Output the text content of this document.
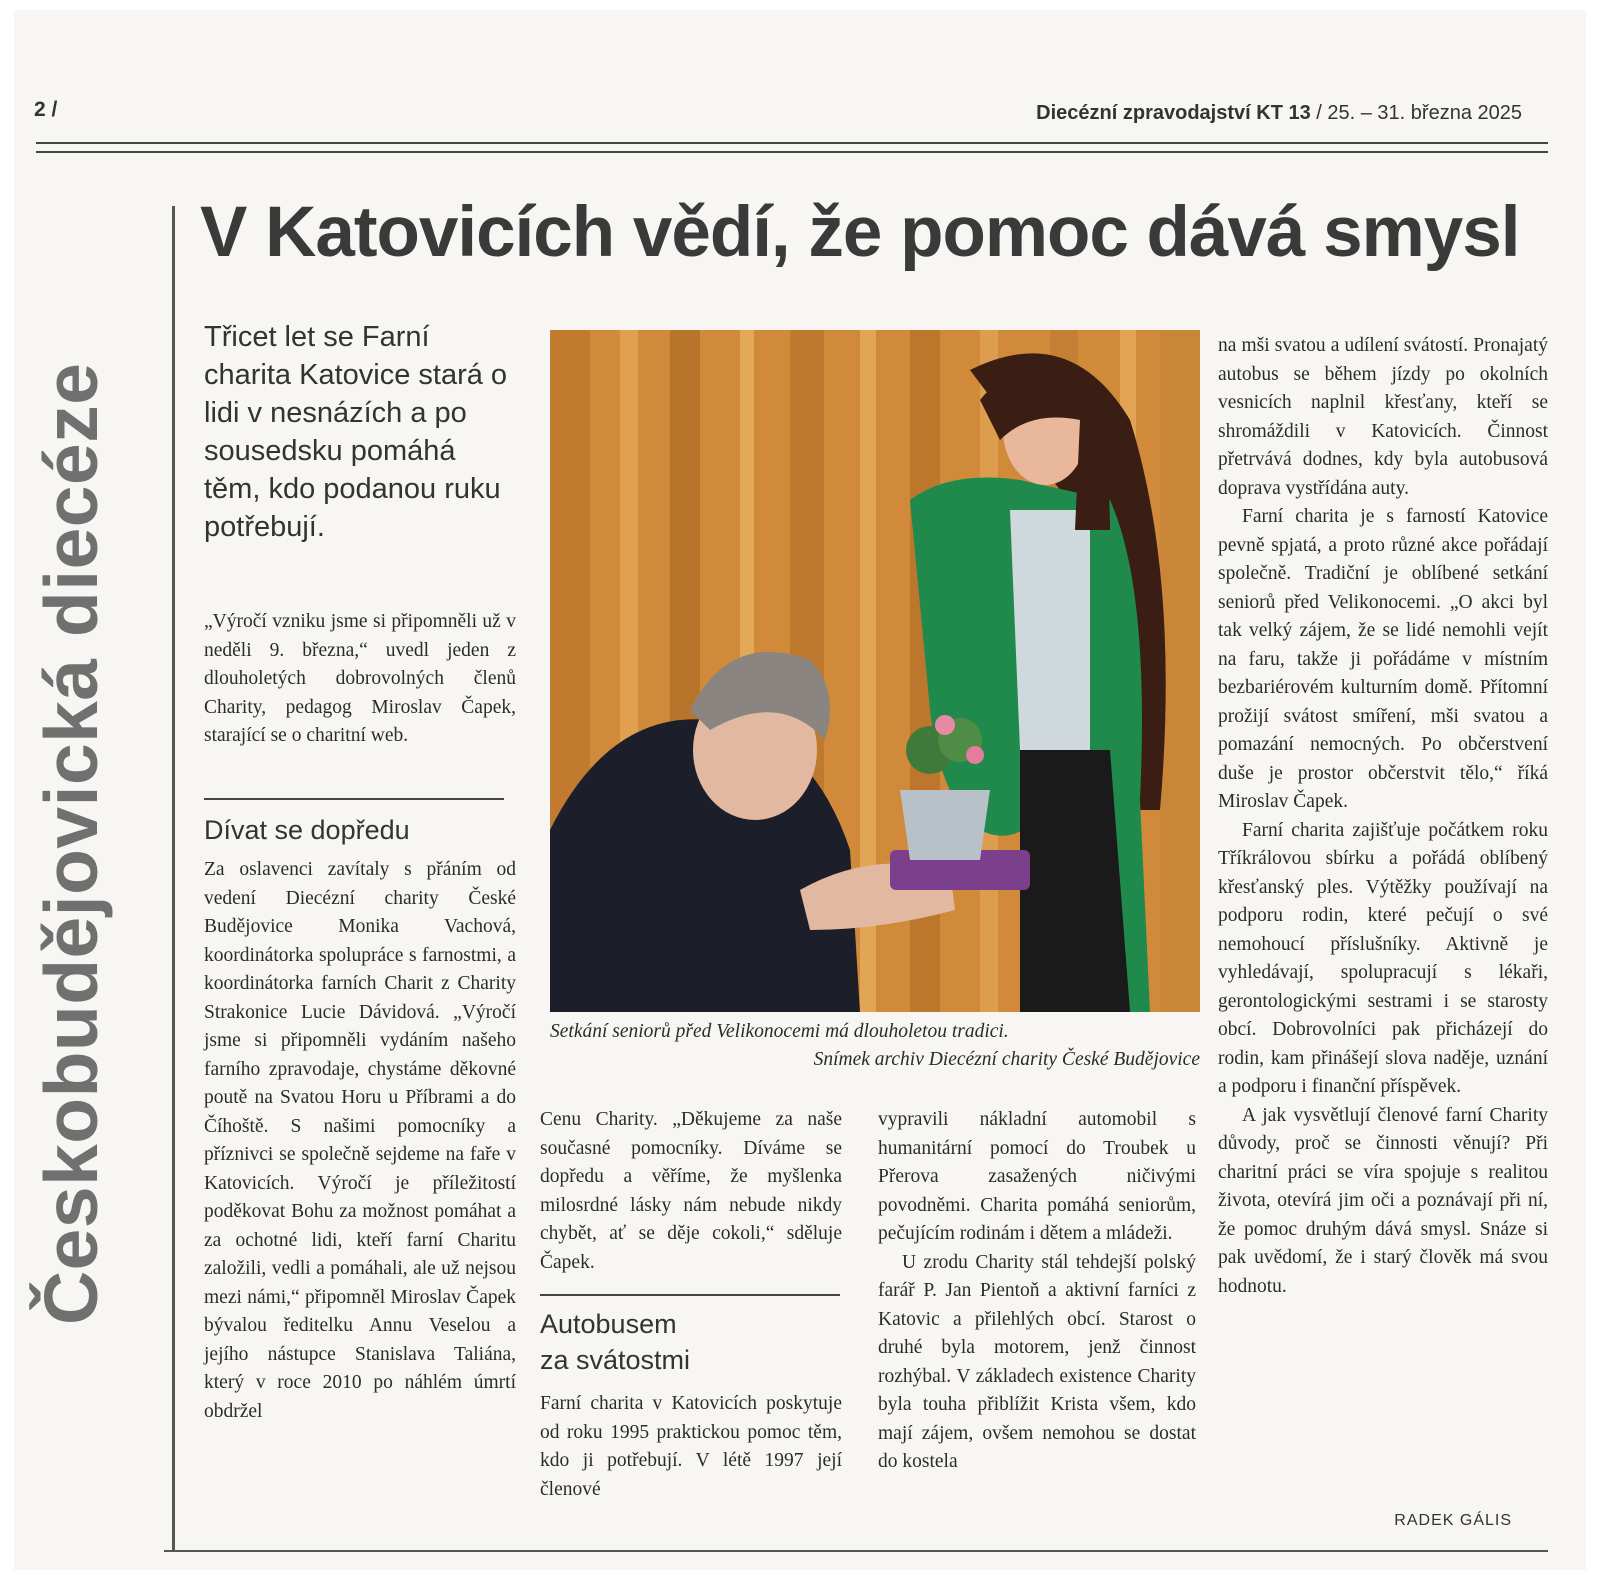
2 /	Diecézní zpravodajství KT 13 / 25. – 31. března 2025
Českobudějovická diecéze
V Katovicích vědí, že pomoc dává smysl
Třicet let se Farní charita Katovice stará o lidi v nesnázích a po sousedsku pomáhá těm, kdo podanou ruku potřebují.

„Výročí vzniku jsme si připomněli už v neděli 9. března,“ uvedl jeden z dlouholetých dobrovolných členů Charity, pedagog Miroslav Čapek, starající se o charitní web.

Dívat se dopředu

Za oslavenci zavítaly s přáním od vedení Diecézní charity České Budějovice Monika Vachová, koordinátorka spolupráce s farnostmi, a koordinátorka farních Charit z Charity Strakonice Lucie Dávidová. „Výročí jsme si připomněli vydáním našeho farního zpravodaje, chystáme děkovné poutě na Svatou Horu u Příbrami a do Číhoště. S našimi pomocníky a příznivci se společně sejdeme na faře v Katovicích. Výročí je příležitostí poděkovat Bohu za možnost pomáhat a za ochotné lidi, kteří farní Charitu založili, vedli a pomáhali, ale už nejsou mezi námi,“ připomněl Miroslav Čapek bývalou ředitelku Annu Veselou a jejího nástupce Stanislava Taliána, který v roce 2010 po náhlém úmrtí obdržel

Setkání seniorů před Velikonocemi má dlouholetou tradici.
Snímek archiv Diecézní charity České Budějovice

Cenu Charity. „Děkujeme za naše současné pomocníky. Díváme se dopředu a věříme, že myšlenka milosrdné lásky nám nebude nikdy chybět, ať se děje cokoli,“ sděluje Čapek.

Autobusem
za svátostmi

Farní charita v Katovicích poskytuje od roku 1995 praktickou pomoc těm, kdo ji potřebují. V létě 1997 její členové

vypravili nákladní automobil s humanitární pomocí do Troubek u Přerova zasažených ničivými povodněmi. Charita pomáhá seniorům, pečujícím rodinám i dětem a mládeži.

U zrodu Charity stál tehdejší polský farář P. Jan Pientoň a aktivní farníci z Katovic a přilehlých obcí. Starost o druhé byla motorem, jenž činnost rozhýbal. V základech existence Charity byla touha přiblížit Krista všem, kdo mají zájem, ovšem nemohou se dostat do kostela

na mši svatou a udílení svátostí. Pronajatý autobus se během jízdy po okolních vesnicích naplnil křesťany, kteří se shromáždili v Katovicích. Činnost přetrvává dodnes, kdy byla autobusová doprava vystřídána auty.

Farní charita je s farností Katovice pevně spjatá, a proto různé akce pořádají společně. Tradiční je oblíbené setkání seniorů před Velikonocemi. „O akci byl tak velký zájem, že se lidé nemohli vejít na faru, takže ji pořádáme v místním bezbariérovém kulturním domě. Přítomní prožijí svátost smíření, mši svatou a pomazání nemocných. Po občerstvení duše je prostor občerstvit tělo,“ říká Miroslav Čapek.

Farní charita zajišťuje počátkem roku Tříkrálovou sbírku a pořádá oblíbený křesťanský ples. Výtěžky používají na podporu rodin, které pečují o své nemohoucí příslušníky. Aktivně je vyhledávají, spolupracují s lékaři, gerontologickými sestrami i se starosty obcí. Dobrovolníci pak přicházejí do rodin, kam přinášejí slova naděje, uznání a podporu i finanční příspěvek.

A jak vysvětlují členové farní Charity důvody, proč se činnosti věnují? Při charitní práci se víra spojuje s realitou života, otevírá jim oči a poznávají při ní, že pomoc druhým dává smysl. Snáze si pak uvědomí, že i starý člověk má svou hodnotu.

RADEK GÁLIS
